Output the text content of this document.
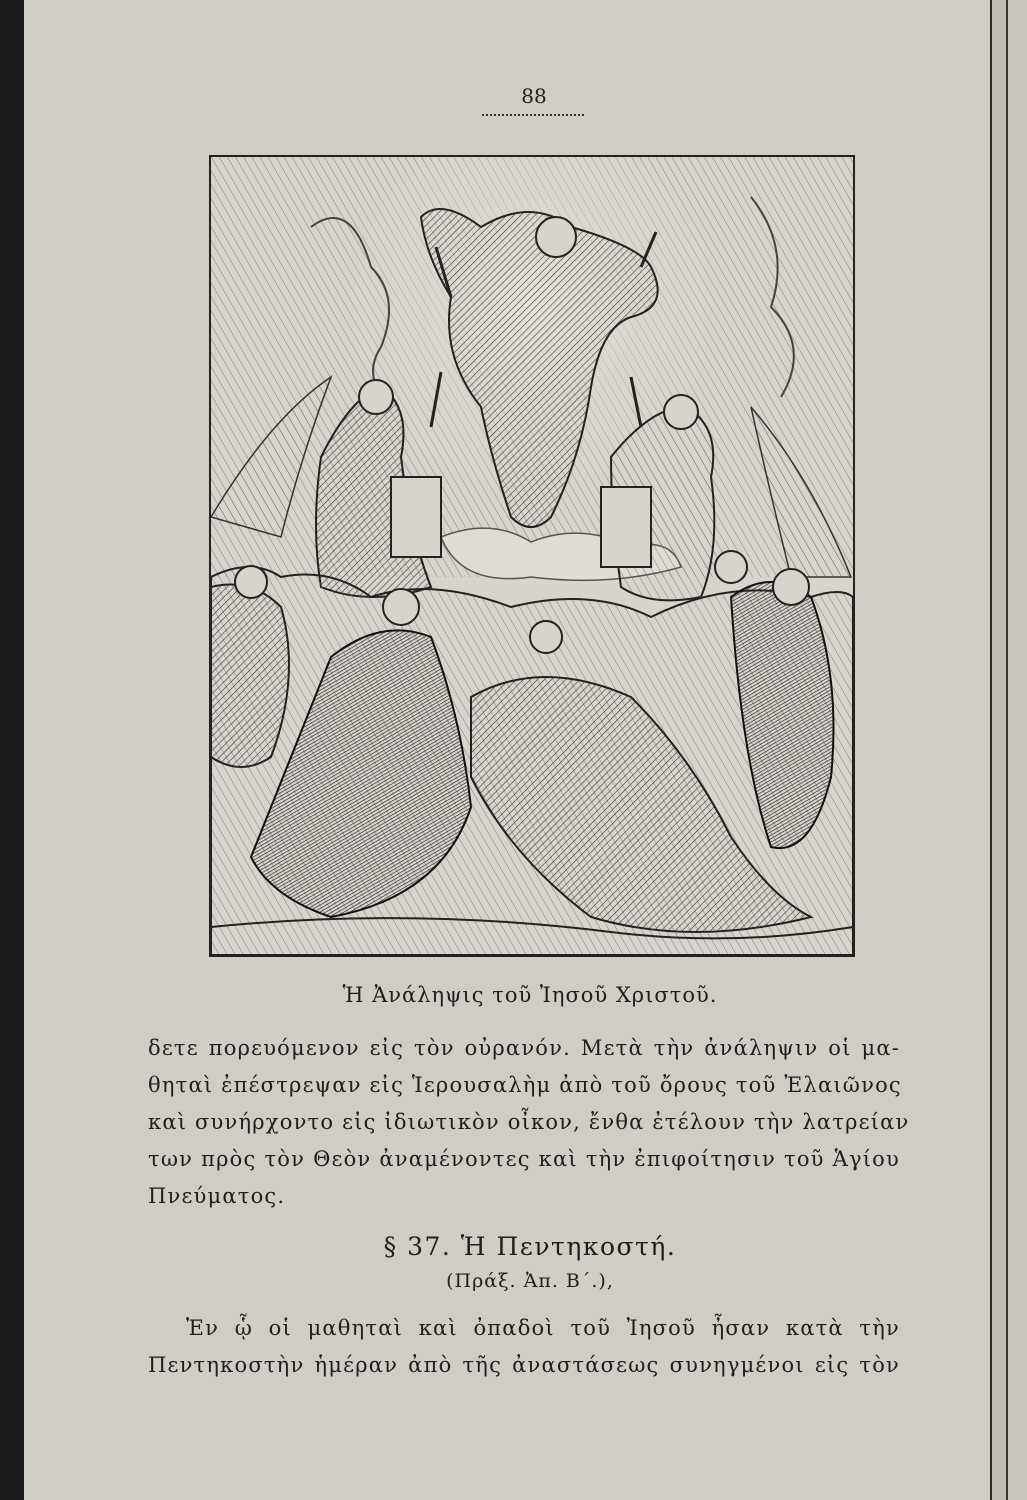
88
Ἡ Ἀνάληψις τοῦ Ἰησοῦ Χριστοῦ.
δετε πορευόμενον εἰς τὸν οὐρανόν. Μετὰ τὴν ἀνάληψιν οἱ μα-
θηταὶ ἐπέστρεψαν εἰς Ἱερουσαλὴμ ἀπὸ τοῦ ὄρους τοῦ Ἐλαιῶνος
καὶ συνήρχοντο εἰς ἰδιωτικὸν οἶκον, ἔνθα ἐτέλουν τὴν λατρείαν
των πρὸς τὸν Θεὸν ἀναμένοντες καὶ τὴν ἐπιφοίτησιν τοῦ Ἁγίου
Πνεύματος.
§ 37. Ἡ Πεντηκοστή.
(Πράξ. Ἀπ. Β΄.),
Ἐν ᾧ οἱ μαθηταὶ καὶ ὀπαδοὶ τοῦ Ἰησοῦ ἦσαν κατὰ τὴν
Πεντηκοστὴν ἡμέραν ἀπὸ τῆς ἀναστάσεως συνηγμένοι εἰς τὸν
